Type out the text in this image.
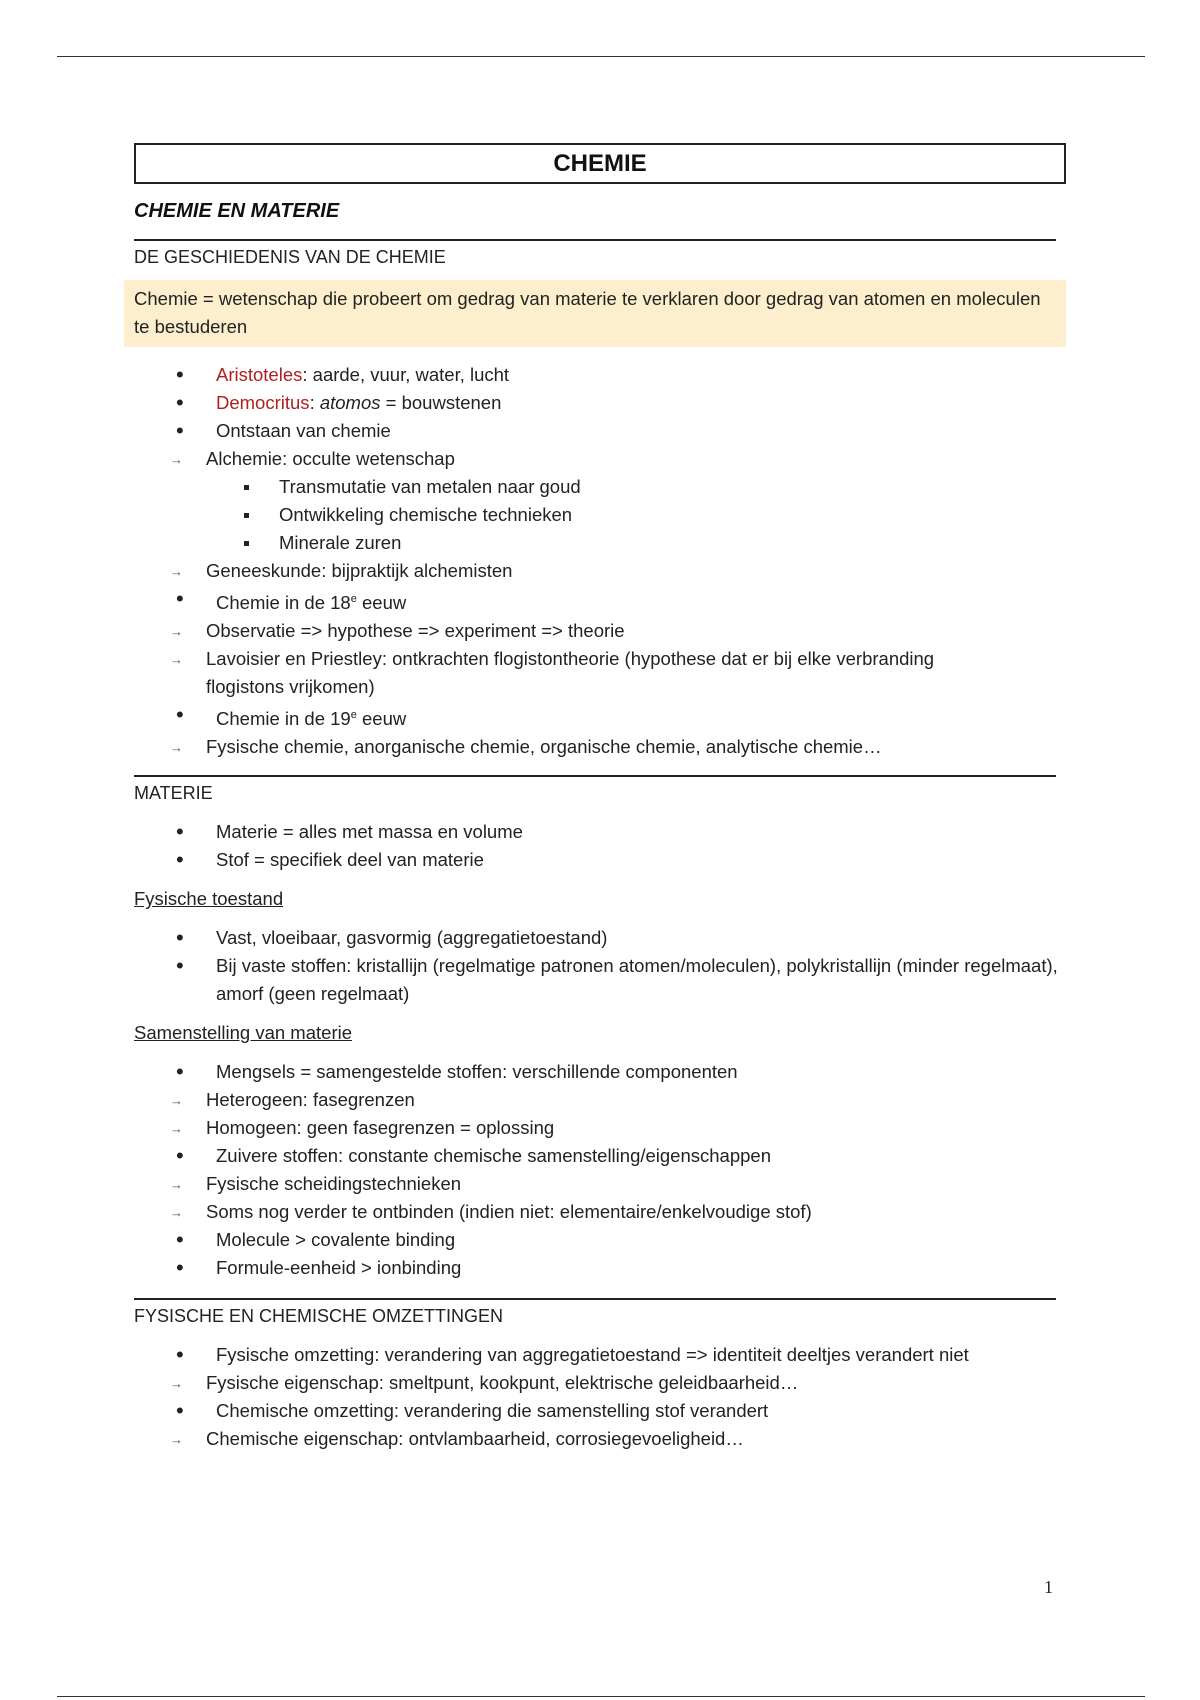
CHEMIE
CHEMIE EN MATERIE
DE GESCHIEDENIS VAN DE CHEMIE
Chemie = wetenschap die probeert om gedrag van materie te verklaren door gedrag van atomen en moleculen te bestuderen
• Aristoteles: aarde, vuur, water, lucht
• Democritus: atomos = bouwstenen
• Ontstaan van chemie
→ Alchemie: occulte wetenschap
Transmutatie van metalen naar goud
Ontwikkeling chemische technieken
Minerale zuren
→ Geneeskunde: bijpraktijk alchemisten
• Chemie in de 18e eeuw
→ Observatie => hypothese => experiment => theorie
→ Lavoisier en Priestley: ontkrachten flogistontheorie (hypothese dat er bij elke verbranding flogistons vrijkomen)
• Chemie in de 19e eeuw
→ Fysische chemie, anorganische chemie, organische chemie, analytische chemie…
MATERIE
• Materie = alles met massa en volume
• Stof = specifiek deel van materie
Fysische toestand
• Vast, vloeibaar, gasvormig (aggregatietoestand)
• Bij vaste stoffen: kristallijn (regelmatige patronen atomen/moleculen), polykristallijn (minder regelmaat), amorf (geen regelmaat)
Samenstelling van materie
• Mengsels = samengestelde stoffen: verschillende componenten
→ Heterogeen: fasegrenzen
→ Homogeen: geen fasegrenzen = oplossing
• Zuivere stoffen: constante chemische samenstelling/eigenschappen
→ Fysische scheidingstechnieken
→ Soms nog verder te ontbinden (indien niet: elementaire/enkelvoudige stof)
• Molecule > covalente binding
• Formule-eenheid > ionbinding
FYSISCHE EN CHEMISCHE OMZETTINGEN
• Fysische omzetting: verandering van aggregatietoestand => identiteit deeltjes verandert niet
→ Fysische eigenschap: smeltpunt, kookpunt, elektrische geleidbaarheid…
• Chemische omzetting: verandering die samenstelling stof verandert
→ Chemische eigenschap: ontvlambaarheid, corrosiegevoeligheid…
1
